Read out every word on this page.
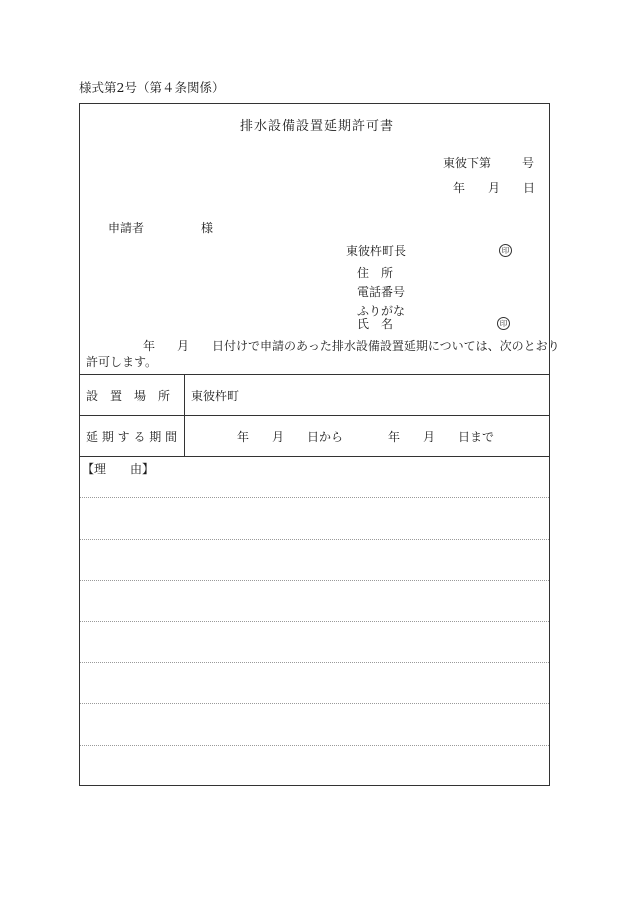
様式第2号（第４条関係）
排水設備設置延期許可書
東彼下第	号
年 月 日
申請者	様
東彼杵町長	印
住　所
電話番号
ふりがな
氏　名	印
年 月 日付けで申請のあった排水設備設置延期については、次のとおり
許可します。
設　置　場　所 東彼杵町
延 期 す る 期 間	年 月 日から	年 月 日まで
【理　　由】
